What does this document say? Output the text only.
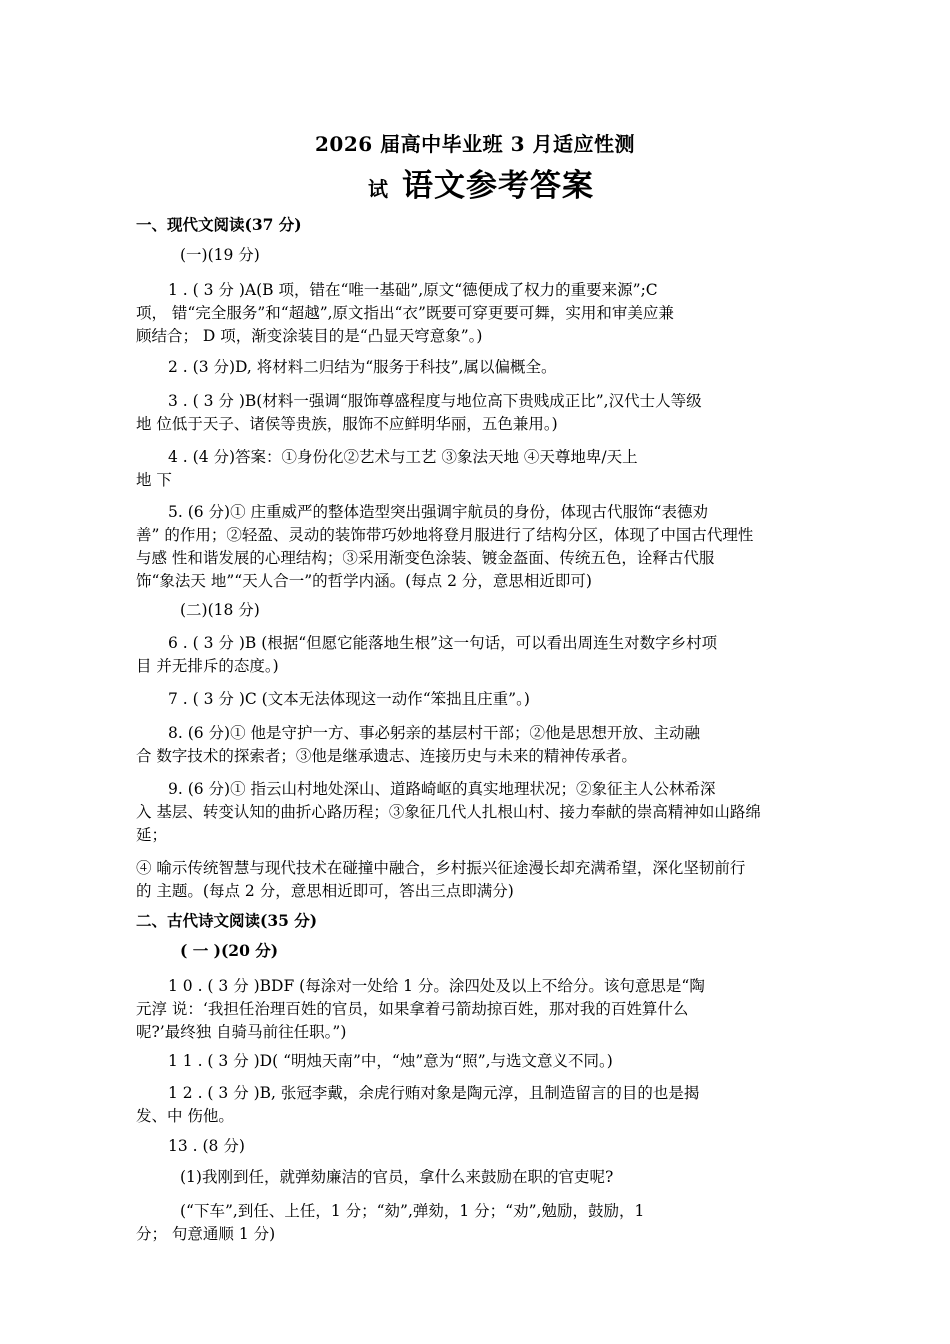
2026 届高中毕业班 3 月适应性测
试 语文参考答案
一、现代文阅读(37 分)
(一)(19 分)
1 . ( 3 分 )A(B 项，错在“唯一基础”,原文“德便成了权力的重要来源”;C
项， 错“完全服务”和“超越”,原文指出“衣”既要可穿更要可舞，实用和审美应兼
顾结合； D 项，渐变涂装目的是“凸显天穹意象”。)
2 . (3 分)D, 将材料二归结为“服务于科技”,属以偏概全。
3 . ( 3 分 )B(材料一强调“服饰尊盛程度与地位高下贵贱成正比”,汉代士人等级
地 位低于天子、诸侯等贵族，服饰不应鲜明华丽，五色兼用。)
4 . (4 分)答案：①身份化②艺术与工艺 ③象法天地 ④天尊地卑/天上
地 下
5. (6 分)① 庄重威严的整体造型突出强调宇航员的身份，体现古代服饰“表德劝
善” 的作用；②轻盈、灵动的装饰带巧妙地将登月服进行了结构分区，体现了中国古代理性
与感 性和谐发展的心理结构；③采用渐变色涂装、镀金盔面、传统五色，诠释古代服
饰“象法天 地”“天人合一”的哲学内涵。(每点 2 分，意思相近即可)
(二)(18 分)
6 . ( 3 分 )B (根据“但愿它能落地生根”这一句话，可以看出周连生对数字乡村项
目 并无排斥的态度。)
7 . ( 3 分 )C (文本无法体现这一动作“笨拙且庄重”。)
8. (6 分)① 他是守护一方、事必躬亲的基层村干部；②他是思想开放、主动融
合 数字技术的探索者；③他是继承遗志、连接历史与未来的精神传承者。
9. (6 分)① 指云山村地处深山、道路崎岖的真实地理状况；②象征主人公林希深
入 基层、转变认知的曲折心路历程；③象征几代人扎根山村、接力奉献的崇高精神如山路绵
延；
④ 喻示传统智慧与现代技术在碰撞中融合，乡村振兴征途漫长却充满希望，深化坚韧前行
的 主题。(每点 2 分，意思相近即可，答出三点即满分)
二、古代诗文阅读(35 分)
( 一 )(20 分)
1 0 . ( 3 分 )BDF (每涂对一处给 1 分。涂四处及以上不给分。该句意思是“陶
元淳 说：‘我担任治理百姓的官员，如果拿着弓箭劫掠百姓，那对我的百姓算什么
呢?’最终独 自骑马前往任职。”)
1 1 . ( 3 分 )D( “明烛天南”中，“烛”意为“照”,与选文意义不同。)
1 2 . ( 3 分 )B, 张冠李戴，余虎行贿对象是陶元淳，且制造留言的目的也是揭
发、中 伤他。
13 . (8 分)
(1)我刚到任，就弹劾廉洁的官员，拿什么来鼓励在职的官吏呢?
(“下车”,到任、上任，1 分；“劾”,弹劾，1 分；“劝”,勉励，鼓励，1
分； 句意通顺 1 分)
